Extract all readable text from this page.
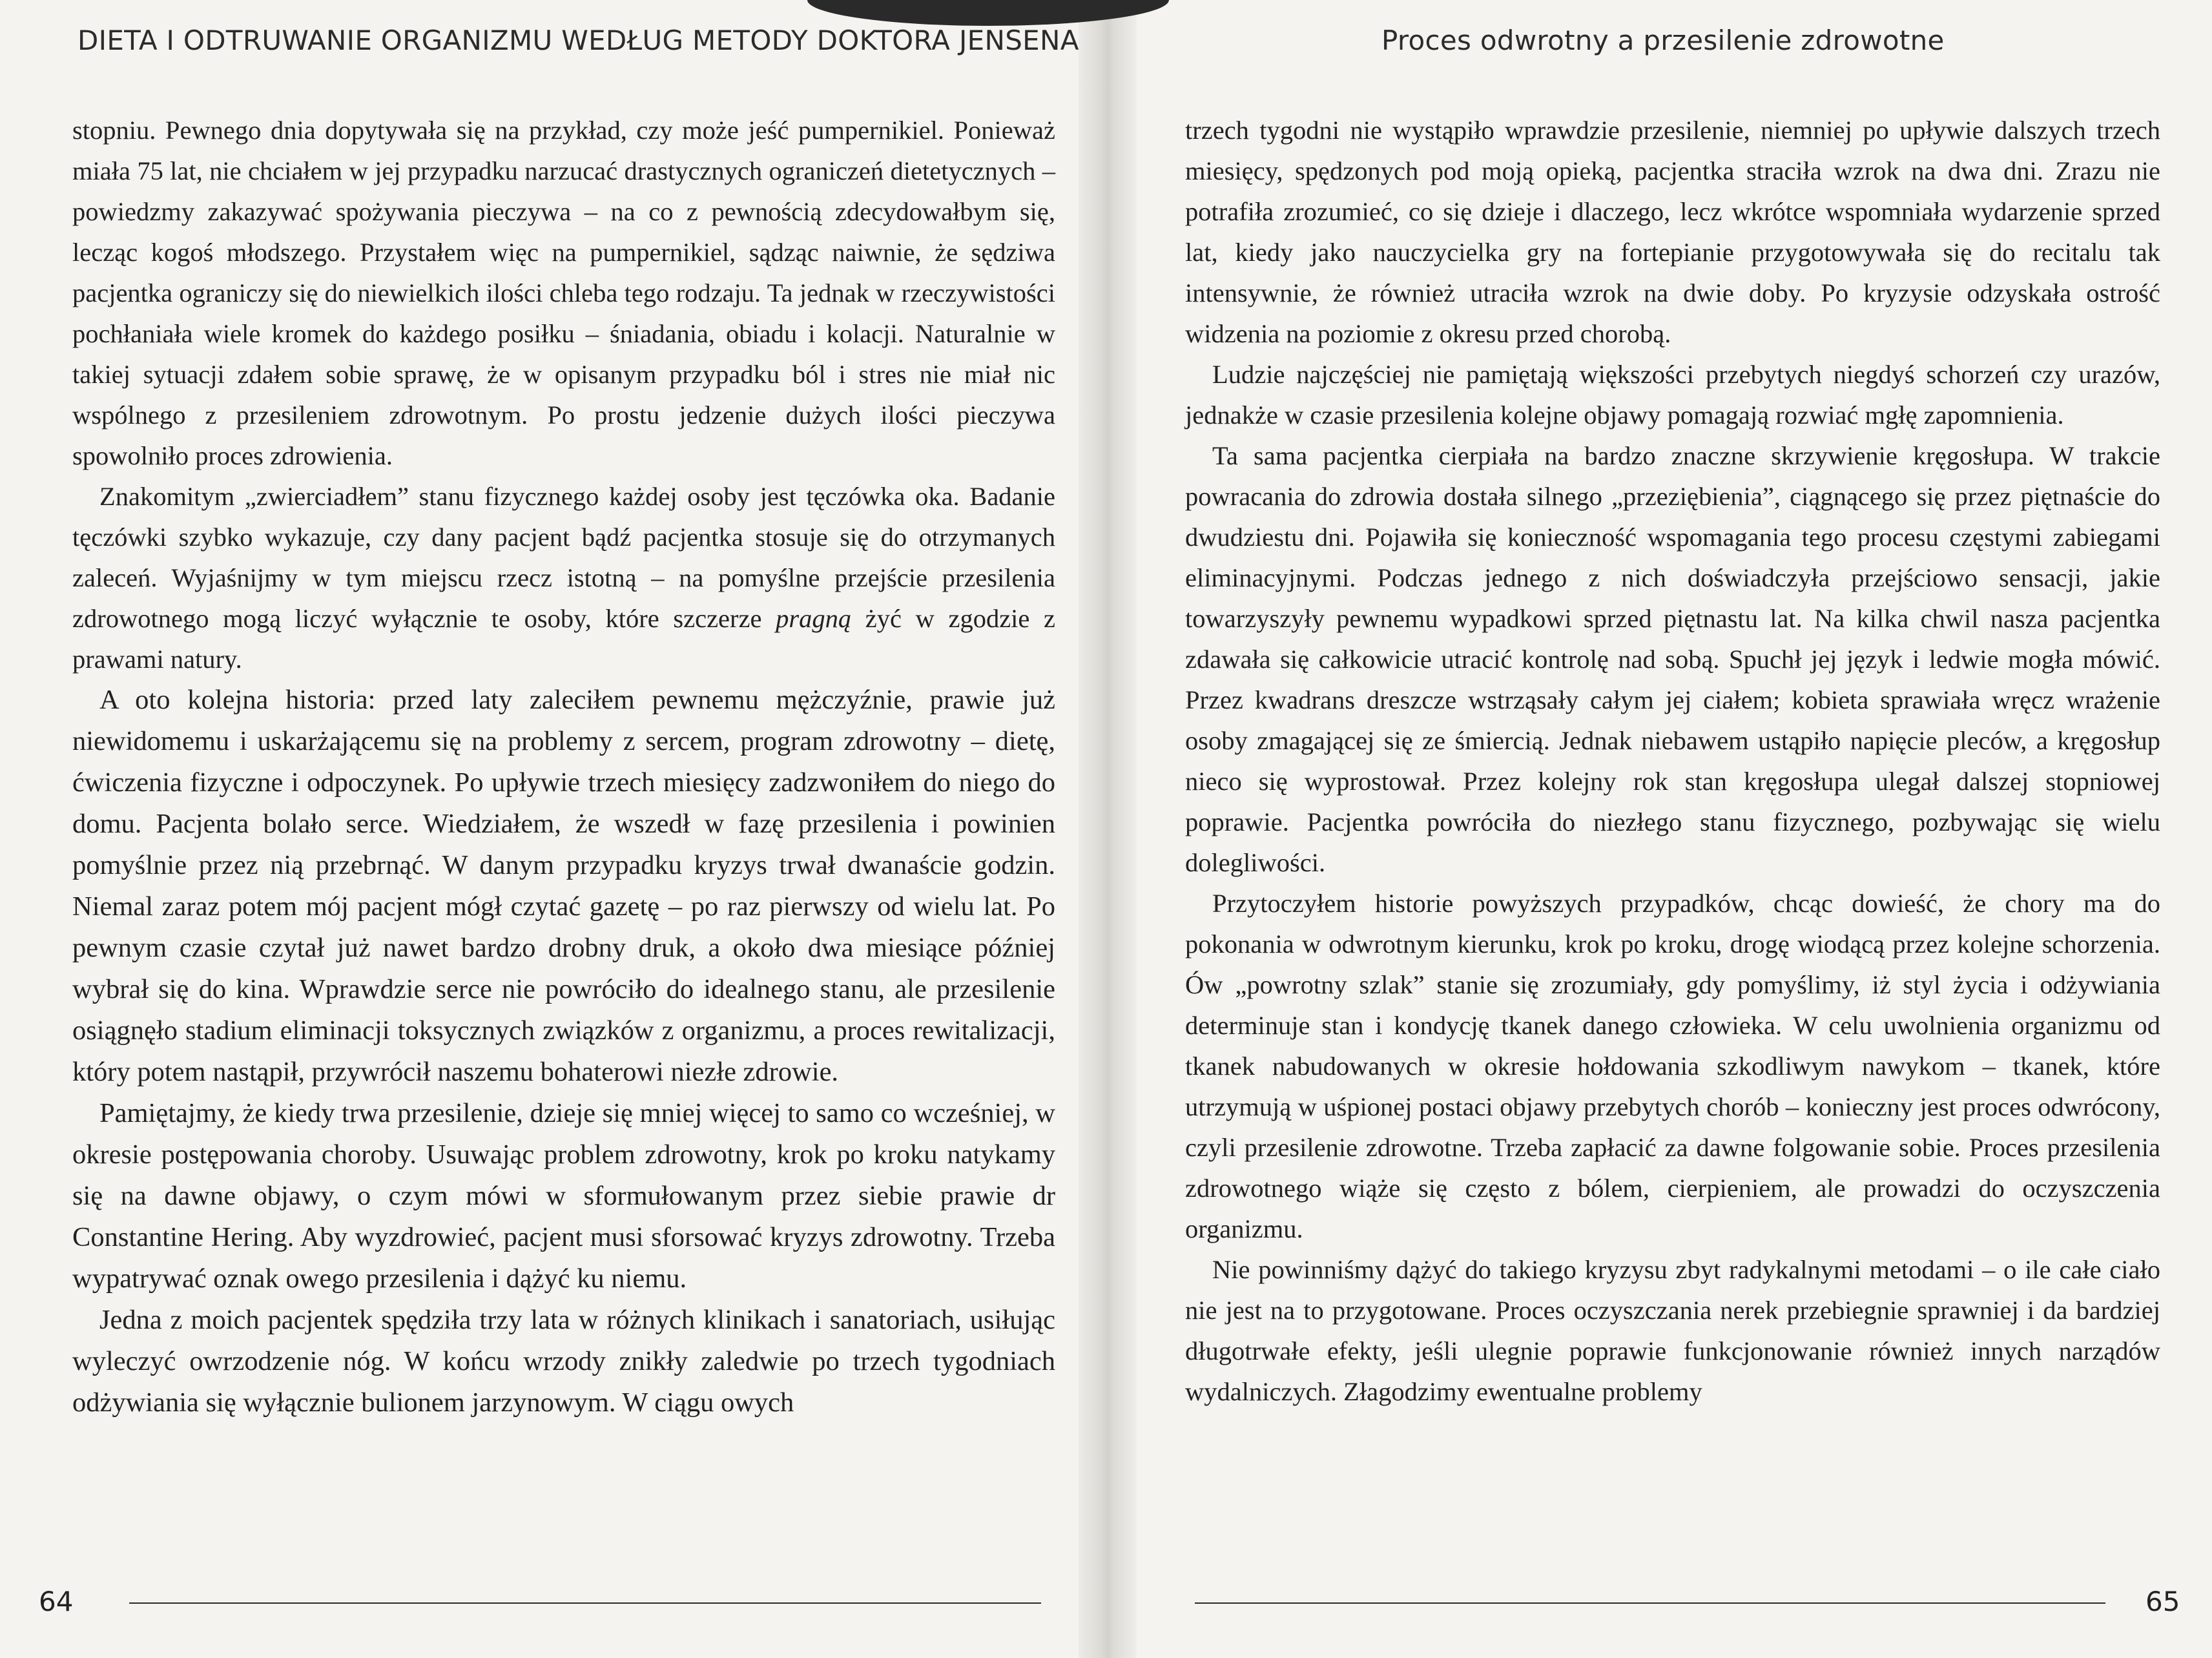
DIETA I ODTRUWANIE ORGANIZMU WEDŁUG METODY DOKTORA JENSENA

stopniu. Pewnego dnia dopytywała się na przykład, czy może jeść pumpernikiel. Ponieważ miała 75 lat, nie chciałem w jej przypadku narzucać drastycznych ograniczeń dietetycznych – powiedzmy zakazywać spożywania pieczywa – na co z pewnością zdecydowałbym się, lecząc kogoś młodszego. Przystałem więc na pumpernikiel, sądząc naiwnie, że sędziwa pacjentka ograniczy się do niewielkich ilości chleba tego rodzaju. Ta jednak w rzeczywistości pochłaniała wiele kromek do każdego posiłku – śniadania, obiadu i kolacji. Naturalnie w takiej sytuacji zdałem sobie sprawę, że w opisanym przypadku ból i stres nie miał nic wspólnego z przesileniem zdrowotnym. Po prostu jedzenie dużych ilości pieczywa spowolniło proces zdrowienia.

Znakomitym „zwierciadłem” stanu fizycznego każdej osoby jest tęczówka oka. Badanie tęczówki szybko wykazuje, czy dany pacjent bądź pacjentka stosuje się do otrzymanych zaleceń. Wyjaśnijmy w tym miejscu rzecz istotną – na pomyślne przejście przesilenia zdrowotnego mogą liczyć wyłącznie te osoby, które szczerze pragną żyć w zgodzie z prawami natury.

A oto kolejna historia: przed laty zaleciłem pewnemu mężczyźnie, prawie już niewidomemu i uskarżającemu się na problemy z sercem, program zdrowotny – dietę, ćwiczenia fizyczne i odpoczynek. Po upływie trzech miesięcy zadzwoniłem do niego do domu. Pacjenta bolało serce. Wiedziałem, że wszedł w fazę przesilenia i powinien pomyślnie przez nią przebrnąć. W danym przypadku kryzys trwał dwanaście godzin. Niemal zaraz potem mój pacjent mógł czytać gazetę – po raz pierwszy od wielu lat. Po pewnym czasie czytał już nawet bardzo drobny druk, a około dwa miesiące później wybrał się do kina. Wprawdzie serce nie powróciło do idealnego stanu, ale przesilenie osiągnęło stadium eliminacji toksycznych związków z organizmu, a proces rewitalizacji, który potem nastąpił, przywrócił naszemu bohaterowi niezłe zdrowie.

Pamiętajmy, że kiedy trwa przesilenie, dzieje się mniej więcej to samo co wcześniej, w okresie postępowania choroby. Usuwając problem zdrowotny, krok po kroku natykamy się na dawne objawy, o czym mówi w sformułowanym przez siebie prawie dr Constantine Hering. Aby wyzdrowieć, pacjent musi sforsować kryzys zdrowotny. Trzeba wypatrywać oznak owego przesilenia i dążyć ku niemu.

Jedna z moich pacjentek spędziła trzy lata w różnych klinikach i sanatoriach, usiłując wyleczyć owrzodzenie nóg. W końcu wrzody znikły zaledwie po trzech tygodniach odżywiania się wyłącznie bulionem jarzynowym. W ciągu owych

64
Proces odwrotny a przesilenie zdrowotne

trzech tygodni nie wystąpiło wprawdzie przesilenie, niemniej po upływie dalszych trzech miesięcy, spędzonych pod moją opieką, pacjentka straciła wzrok na dwa dni. Zrazu nie potrafiła zrozumieć, co się dzieje i dlaczego, lecz wkrótce wspomniała wydarzenie sprzed lat, kiedy jako nauczycielka gry na fortepianie przygotowywała się do recitalu tak intensywnie, że również utraciła wzrok na dwie doby. Po kryzysie odzyskała ostrość widzenia na poziomie z okresu przed chorobą.

Ludzie najczęściej nie pamiętają większości przebytych niegdyś schorzeń czy urazów, jednakże w czasie przesilenia kolejne objawy pomagają rozwiać mgłę zapomnienia.

Ta sama pacjentka cierpiała na bardzo znaczne skrzywienie kręgosłupa. W trakcie powracania do zdrowia dostała silnego „przeziębienia”, ciągnącego się przez piętnaście do dwudziestu dni. Pojawiła się konieczność wspomagania tego procesu częstymi zabiegami eliminacyjnymi. Podczas jednego z nich doświadczyła przejściowo sensacji, jakie towarzyszyły pewnemu wypadkowi sprzed piętnastu lat. Na kilka chwil nasza pacjentka zdawała się całkowicie utracić kontrolę nad sobą. Spuchł jej język i ledwie mogła mówić. Przez kwadrans dreszcze wstrząsały całym jej ciałem; kobieta sprawiała wręcz wrażenie osoby zmagającej się ze śmiercią. Jednak niebawem ustąpiło napięcie pleców, a kręgosłup nieco się wyprostował. Przez kolejny rok stan kręgosłupa ulegał dalszej stopniowej poprawie. Pacjentka powróciła do niezłego stanu fizycznego, pozbywając się wielu dolegliwości.

Przytoczyłem historie powyższych przypadków, chcąc dowieść, że chory ma do pokonania w odwrotnym kierunku, krok po kroku, drogę wiodącą przez kolejne schorzenia. Ów „powrotny szlak” stanie się zrozumiały, gdy pomyślimy, iż styl życia i odżywiania determinuje stan i kondycję tkanek danego człowieka. W celu uwolnienia organizmu od tkanek nabudowanych w okresie hołdowania szkodliwym nawykom – tkanek, które utrzymują w uśpionej postaci objawy przebytych chorób – konieczny jest proces odwrócony, czyli przesilenie zdrowotne. Trzeba zapłacić za dawne folgowanie sobie. Proces przesilenia zdrowotnego wiąże się często z bólem, cierpieniem, ale prowadzi do oczyszczenia organizmu.

Nie powinniśmy dążyć do takiego kryzysu zbyt radykalnymi metodami – o ile całe ciało nie jest na to przygotowane. Proces oczyszczania nerek przebiegnie sprawniej i da bardziej długotrwałe efekty, jeśli ulegnie poprawie funkcjonowanie również innych narządów wydalniczych. Złagodzimy ewentualne problemy

65
